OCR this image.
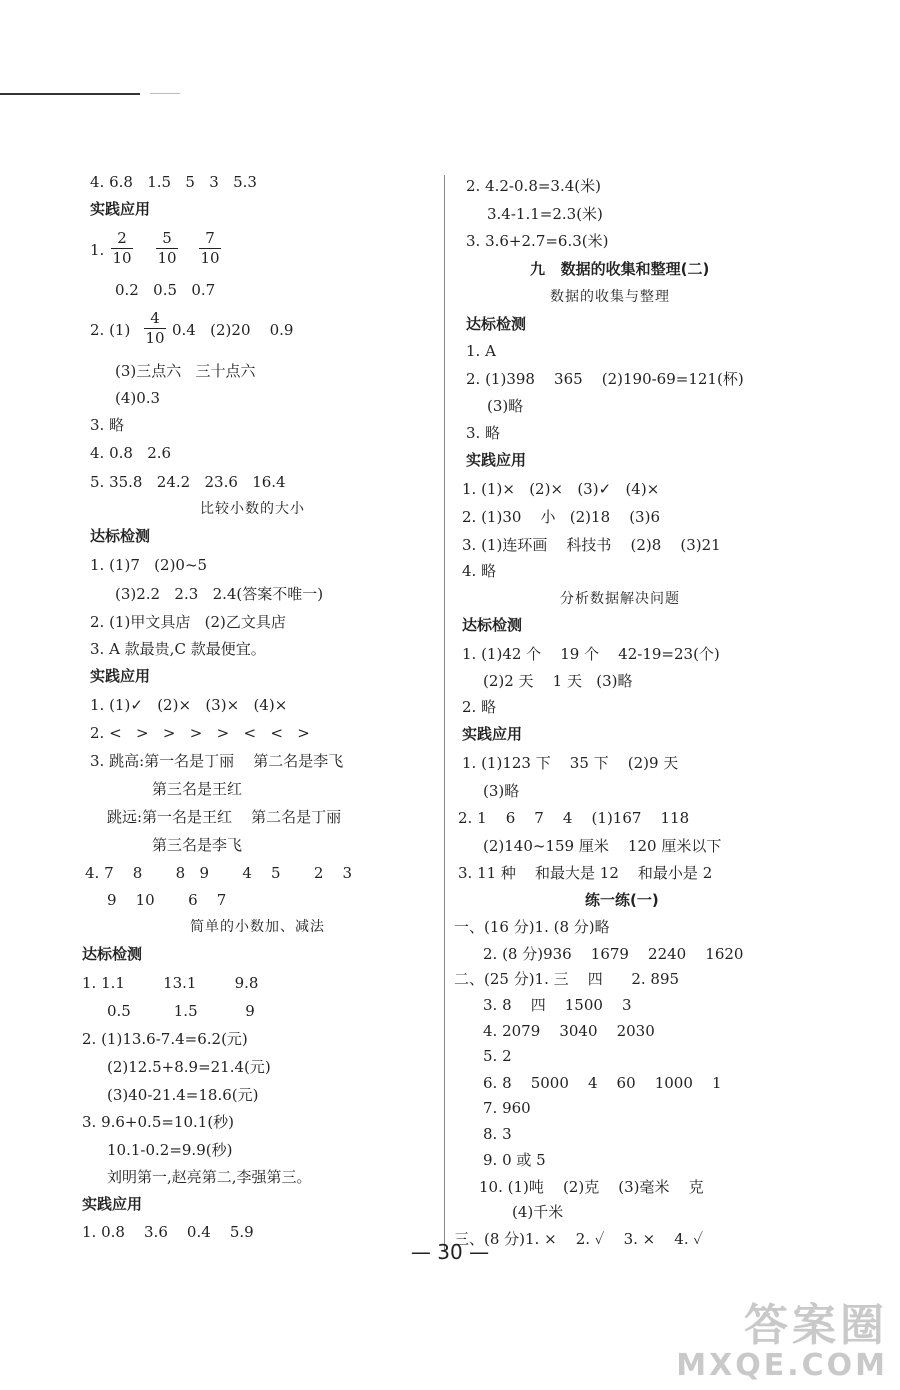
4. 6.8   1.5   5   3   5.3
实践应用
1.
0.2   0.5   0.7
2. (1)	0.4   (2)20    0.9
(3)三点六   三十点六
(4)0.3
3. 略
4. 0.8   2.6
5. 35.8   24.2   23.6   16.4
比较小数的大小
达标检测
1. (1)7   (2)0~5
(3)2.2   2.3   2.4(答案不唯一)
2. (1)甲文具店   (2)乙文具店
3. A 款最贵,C 款最便宜。
实践应用
1. (1)✓   (2)×   (3)×   (4)×
2. <   >   >   >   >   <   <   >
3. 跳高:第一名是丁丽    第二名是李飞
第三名是王红
跳远:第一名是王红    第二名是丁丽
第三名是李飞
4. 7    8       8   9       4    5       2    3
9    10       6    7
简单的小数加、减法
达标检测
1. 1.1        13.1        9.8
0.5         1.5          9
2. (1)13.6-7.4=6.2(元)
(2)12.5+8.9=21.4(元)
(3)40-21.4=18.6(元)
3. 9.6+0.5=10.1(秒)
10.1-0.2=9.9(秒)
刘明第一,赵亮第二,李强第三。
实践应用
1. 0.8    3.6    0.4    5.9
2
10
5
10
7
10
4
10
2. 4.2-0.8=3.4(米)
3.4-1.1=2.3(米)
3. 3.6+2.7=6.3(米)
九   数据的收集和整理(二)
数据的收集与整理
达标检测
1. A
2. (1)398    365    (2)190-69=121(杯)
(3)略
3. 略
实践应用
1. (1)×   (2)×   (3)✓   (4)×
2. (1)30    小   (2)18    (3)6
3. (1)连环画    科技书    (2)8    (3)21
4. 略
分析数据解决问题
达标检测
1. (1)42 个    19 个    42-19=23(个)
(2)2 天    1 天   (3)略
2. 略
实践应用
1. (1)123 下    35 下    (2)9 天
(3)略
2. 1    6    7    4    (1)167    118
(2)140~159 厘米    120 厘米以下
3. 11 种    和最大是 12    和最小是 2
练一练(一)
一、(16 分)1. (8 分)略
2. (8 分)936    1679    2240    1620
二、(25 分)1. 三    四      2. 895
3. 8    四    1500    3
4. 2079    3040    2030
5. 2
6. 8    5000    4    60    1000    1
7. 960
8. 3
9. 0 或 5
10. (1)吨    (2)克    (3)毫米    克
(4)千米
三、(8 分)1. ×    2. ✓    3. ×    4. ✓
— 30 —
答案圈
MXQE.COM
